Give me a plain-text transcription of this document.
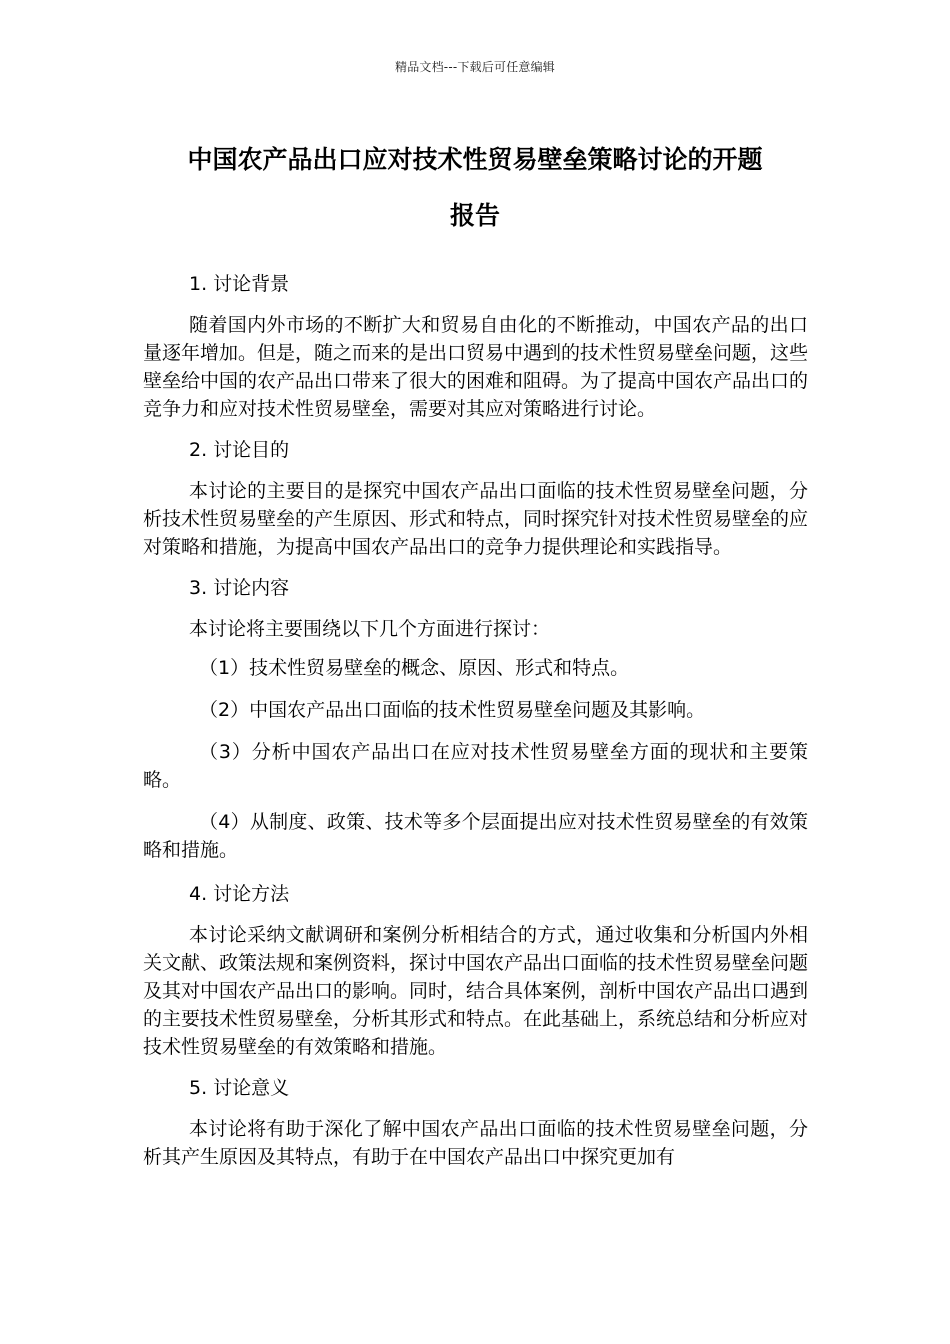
精品文档---下载后可任意编辑
中国农产品出口应对技术性贸易壁垒策略讨论的开题
报告

1. 讨论背景

随着国内外市场的不断扩大和贸易自由化的不断推动，中国农产品的出口量逐年增加。但是，随之而来的是出口贸易中遇到的技术性贸易壁垒问题，这些壁垒给中国的农产品出口带来了很大的困难和阻碍。为了提高中国农产品出口的竞争力和应对技术性贸易壁垒，需要对其应对策略进行讨论。

2. 讨论目的

本讨论的主要目的是探究中国农产品出口面临的技术性贸易壁垒问题，分析技术性贸易壁垒的产生原因、形式和特点，同时探究针对技术性贸易壁垒的应对策略和措施，为提高中国农产品出口的竞争力提供理论和实践指导。

3. 讨论内容

本讨论将主要围绕以下几个方面进行探讨：

（1）技术性贸易壁垒的概念、原因、形式和特点。

（2）中国农产品出口面临的技术性贸易壁垒问题及其影响。

（3）分析中国农产品出口在应对技术性贸易壁垒方面的现状和主要策略。

（4）从制度、政策、技术等多个层面提出应对技术性贸易壁垒的有效策略和措施。

4. 讨论方法

本讨论采纳文献调研和案例分析相结合的方式，通过收集和分析国内外相关文献、政策法规和案例资料，探讨中国农产品出口面临的技术性贸易壁垒问题及其对中国农产品出口的影响。同时，结合具体案例，剖析中国农产品出口遇到的主要技术性贸易壁垒，分析其形式和特点。在此基础上，系统总结和分析应对技术性贸易壁垒的有效策略和措施。

5. 讨论意义

本讨论将有助于深化了解中国农产品出口面临的技术性贸易壁垒问题，分析其产生原因及其特点，有助于在中国农产品出口中探究更加有
